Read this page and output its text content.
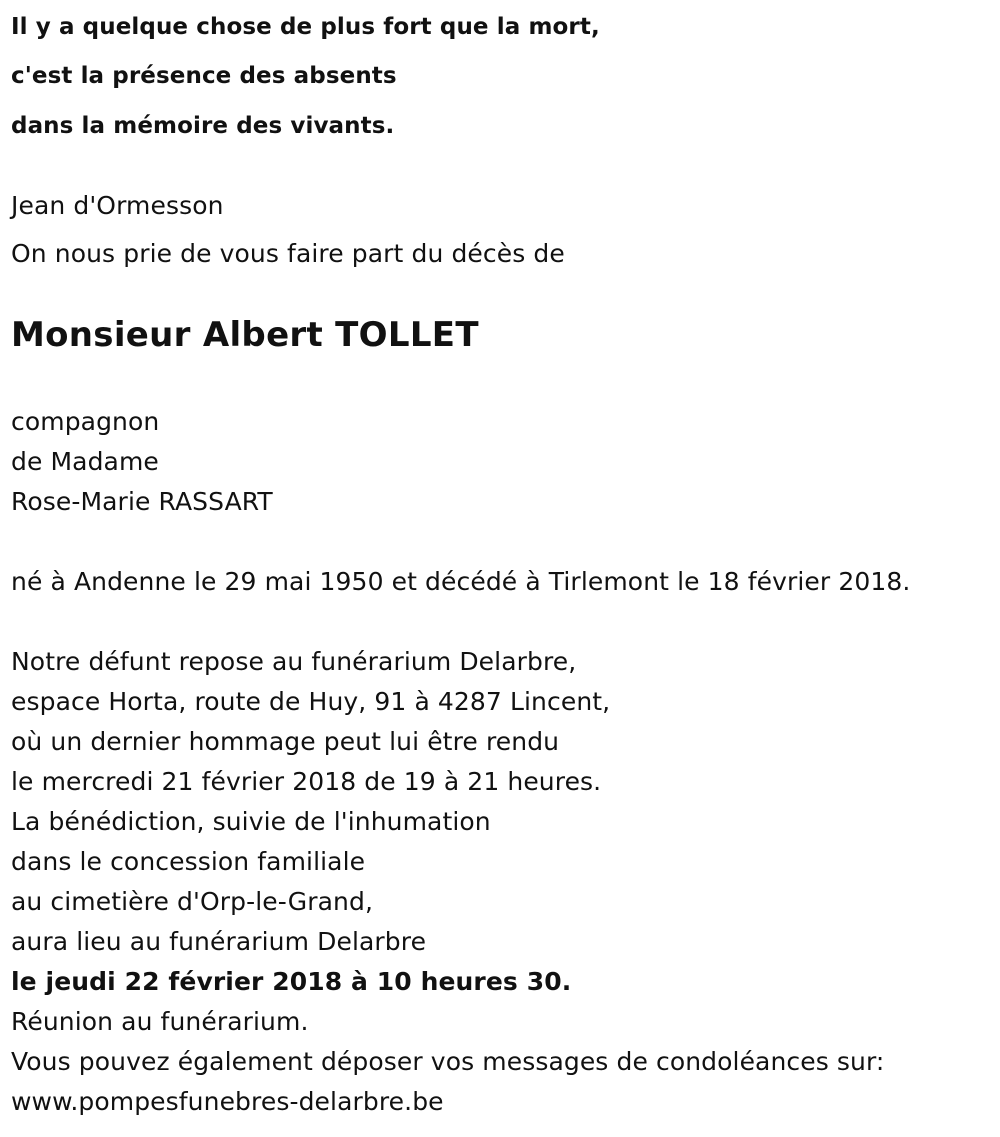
Il y a quelque chose de plus fort que la mort,
c'est la présence des absents
dans la mémoire des vivants.
Jean d'Ormesson
On nous prie de vous faire part du décès de
Monsieur Albert TOLLET
compagnon
de Madame
Rose-Marie RASSART
né à Andenne le 29 mai 1950 et décédé à Tirlemont le 18 février 2018.
Notre défunt repose au funérarium Delarbre,
espace Horta, route de Huy, 91 à 4287 Lincent,
où un dernier hommage peut lui être rendu
le mercredi 21 février 2018 de 19 à 21 heures.
La bénédiction, suivie de l'inhumation
dans le concession familiale
au cimetière d'Orp-le-Grand,
aura lieu au funérarium Delarbre
le jeudi 22 février 2018 à 10 heures 30.
Réunion au funérarium.
Vous pouvez également déposer vos messages de condoléances sur:
www.pompesfunebres-delarbre.be
